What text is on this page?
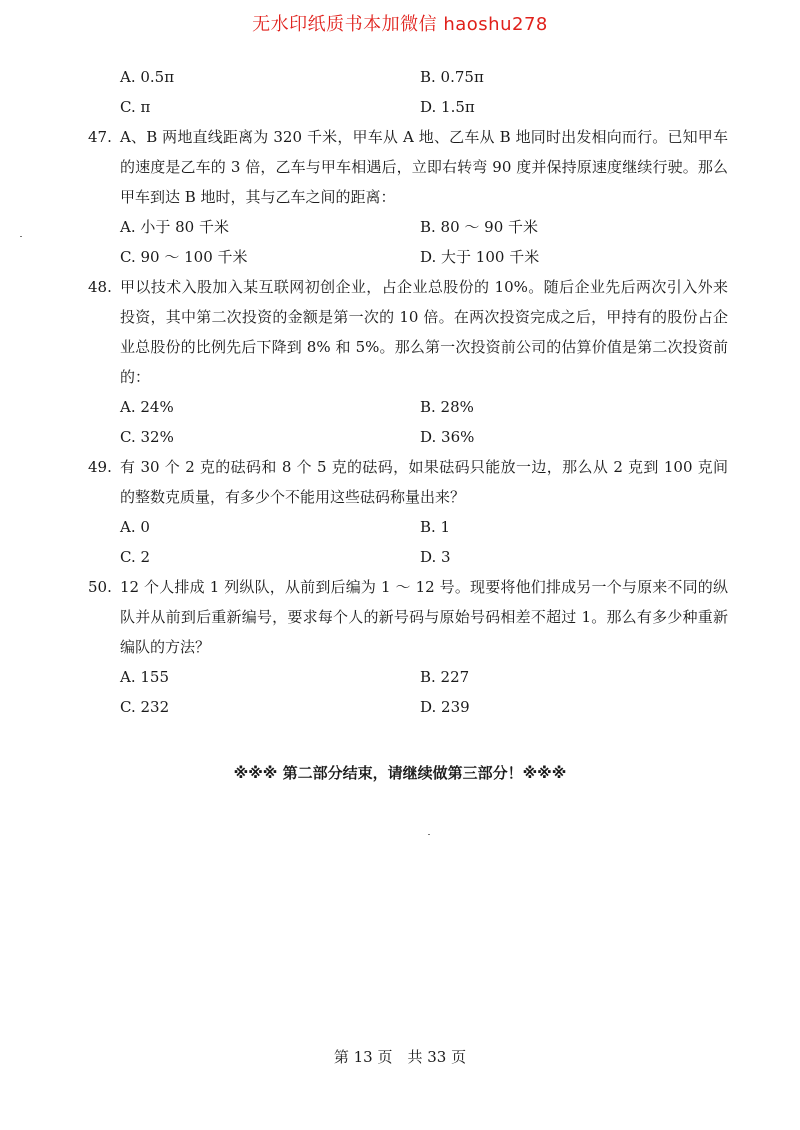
无水印纸质书本加微信 haoshu278
A. 0.5π	B. 0.75π
C. π	D. 1.5π
47. A、B 两地直线距离为 320 千米，甲车从 A 地、乙车从 B 地同时出发相向而行。已知甲车的速度是乙车的 3 倍，乙车与甲车相遇后，立即右转弯 90 度并保持原速度继续行驶。那么甲车到达 B 地时，其与乙车之间的距离：
A. 小于 80 千米	B. 80 ～ 90 千米
C. 90 ～ 100 千米	D. 大于 100 千米
48. 甲以技术入股加入某互联网初创企业，占企业总股份的 10%。随后企业先后两次引入外来投资，其中第二次投资的金额是第一次的 10 倍。在两次投资完成之后，甲持有的股份占企业总股份的比例先后下降到 8% 和 5%。那么第一次投资前公司的估算价值是第二次投资前的：
A. 24%	B. 28%
C. 32%	D. 36%
49. 有 30 个 2 克的砝码和 8 个 5 克的砝码，如果砝码只能放一边，那么从 2 克到 100 克间的整数克质量，有多少个不能用这些砝码称量出来？
A. 0	B. 1
C. 2	D. 3
50. 12 个人排成 1 列纵队，从前到后编为 1 ～ 12 号。现要将他们排成另一个与原来不同的纵队并从前到后重新编号，要求每个人的新号码与原始号码相差不超过 1。那么有多少种重新编队的方法？
A. 155	B. 227
C. 232	D. 239
※※※ 第二部分结束，请继续做第三部分！※※※
第 13 页　共 33 页
